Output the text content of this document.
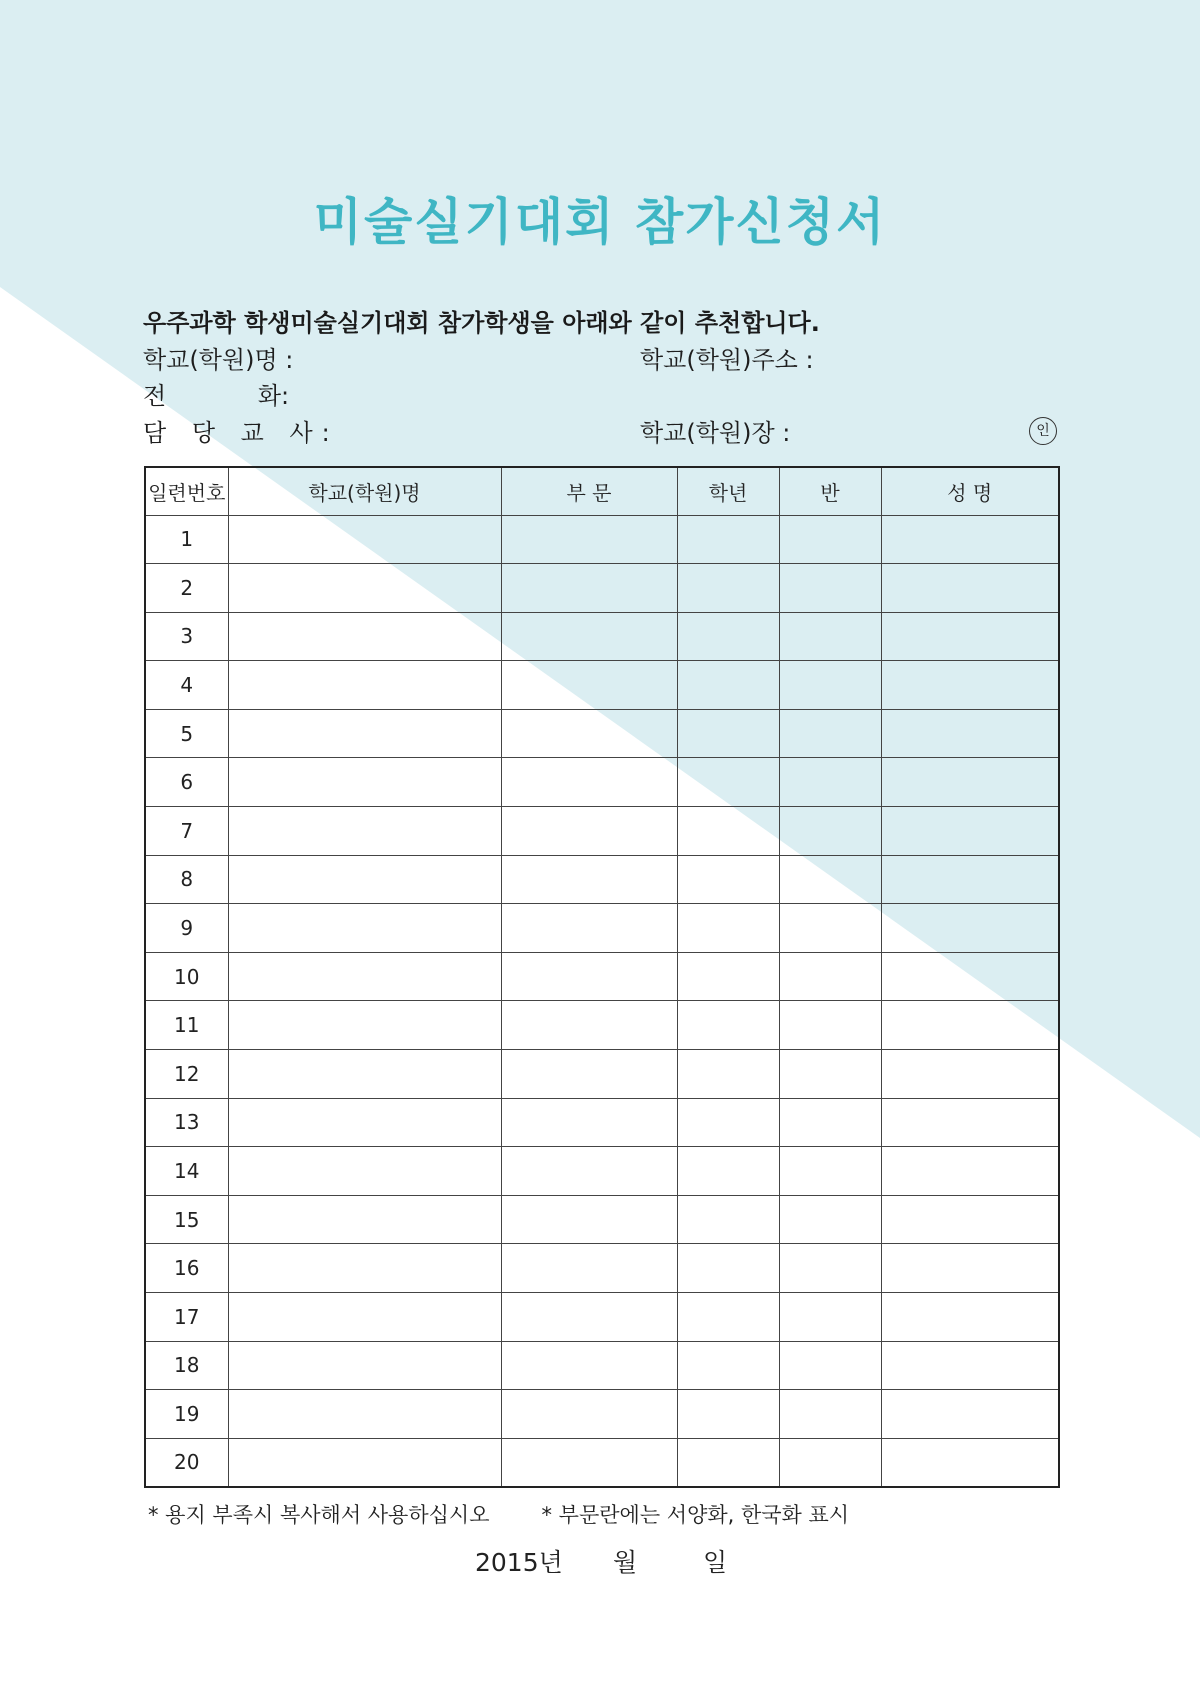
미술실기대회 참가신청서

우주과학 학생미술실기대회 참가학생을 아래와 같이 추천합니다.

학교(학원)명 :	학교(학원)주소 :
전 화:
담 당 교 사:	학교(학원)장 :	인
일련번호	학교(학원)명	부 문	학년	반	성 명
1					
2					
3					
4					
5					
6					
7					
8					
9					
10					
11					
12					
13					
14					
15					
16					
17					
18					
19					
20					
* 용지 부족시 복사해서 사용하십시오 * 부문란에는 서양화, 한국화 표시
2015년 월	일
